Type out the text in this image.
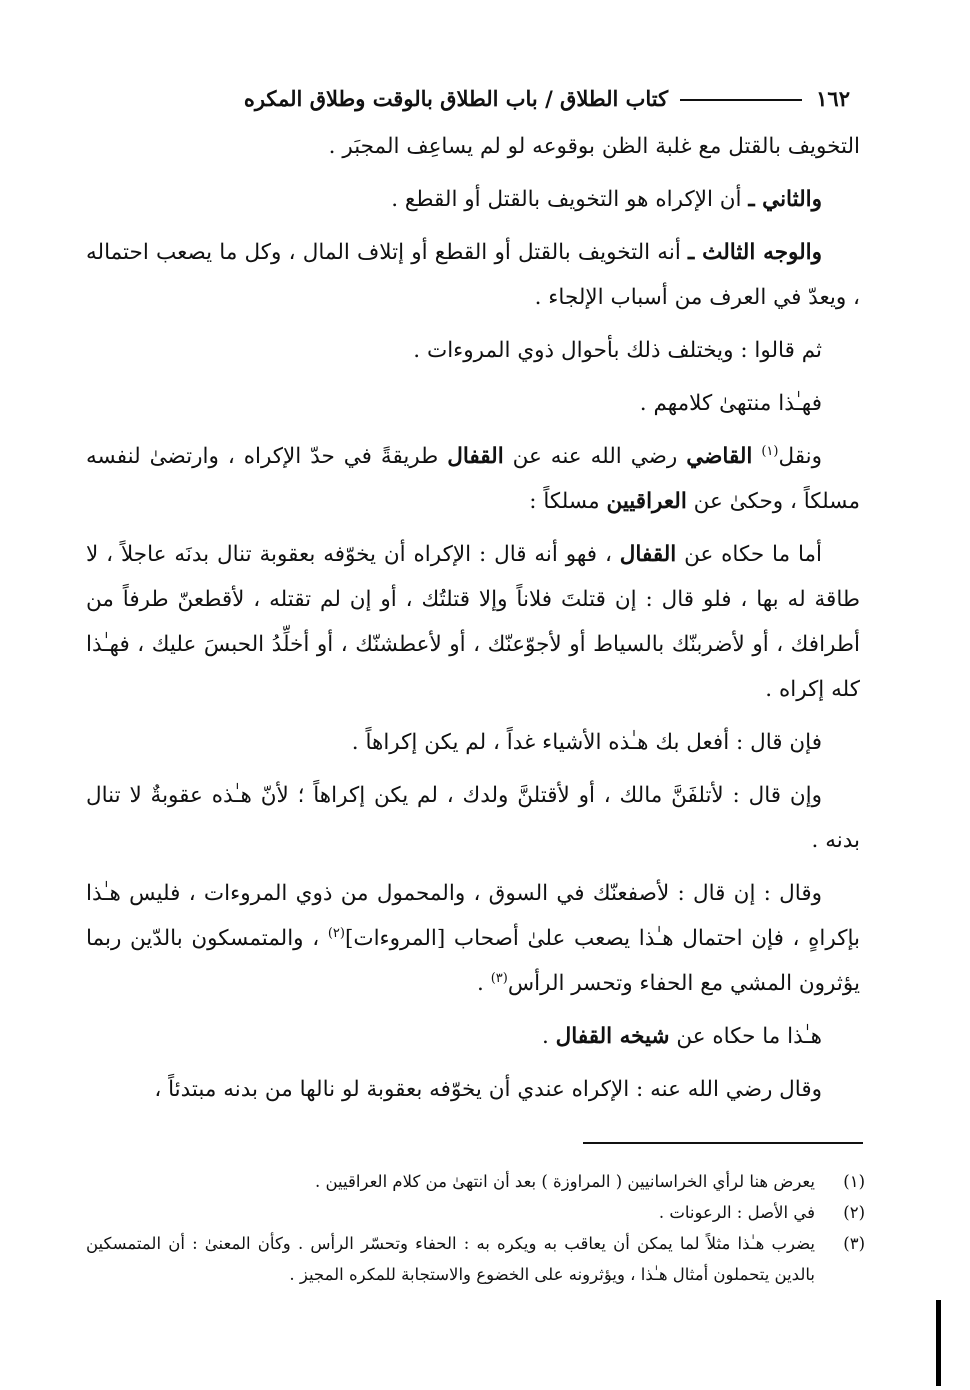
١٦٢
كتاب الطلاق / باب الطلاق بالوقت وطلاق المكره

التخويف بالقتل مع غلبة الظن بوقوعه لو لم يساعِف المجبَر .

والثاني ـ أن الإكراه هو التخويف بالقتل أو القطع .

والوجه الثالث ـ أنه التخويف بالقتل أو القطع أو إتلاف المال ، وكل ما يصعب احتماله ، ويعدّ في العرف من أسباب الإلجاء .

ثم قالوا : ويختلف ذلك بأحوال ذوي المروءات .

فهـٰذا منتهىٰ كلامهم .

ونقل$^{(١)}$ القاضي رضي الله عنه عن القفال طريقةً في حدّ الإكراه ، وارتضىٰ لنفسه مسلكاً ، وحكىٰ عن العراقيين مسلكاً :

أما ما حكاه عن القفال ، فهو أنه قال : الإكراه أن يخوّفه بعقوبة تنال بدنَه عاجلاً ، لا طاقة له بها ، فلو قال : إن قتلتَ فلاناً وإلا قتلتُك ، أو إن لم تقتله ، لأقطعنّ طرفاً من أطرافك ، أو لأضربنّك بالسياط أو لأجوّعنّك ، أو لأعطشنّك ، أو أخلِّدُ الحبسَ عليك ، فهـٰذا كله إكراه .

فإن قال : أفعل بك هـٰذه الأشياء غداً ، لم يكن إكراهاً .

وإن قال : لأتلفَنَّ مالك ، أو لأقتلنَّ ولدك ، لم يكن إكراهاً ؛ لأنّ هـٰذه عقوبةٌ لا تنال بدنه .

وقال : إن قال : لأصفعنّك في السوق ، والمحمول من ذوي المروءات ، فليس هـٰذا بإكراهٍ ، فإن احتمال هـٰذا يصعب علىٰ أصحاب [المروءات]$^{(٢)}$ ، والمتمسكون بالدّين ربما يؤثرون المشي مع الحفاء وتحسر الرأس$^{(٣)}$ .

هـٰذا ما حكاه عن شيخه القفال .

وقال رضي الله عنه : الإكراه عندي أن يخوّفه بعقوبة لو نالها من بدنه مبتدئاً ،

(١)
يعرض هنا لرأي الخراسانيين ( المراوزة ) بعد أن انتهىٰ من كلام العراقيين .
(٢)
في الأصل : الرعونات .
(٣)
يضرب هـٰذا مثلاً لما يمكن أن يعاقب به ويكره به : الحفاء وتحسّر الرأس . وكأن المعنىٰ : أن المتمسكين بالدين يتحملون أمثال هـٰذا ، ويؤثرونه على الخضوع والاستجابة للمكره المجيز .
